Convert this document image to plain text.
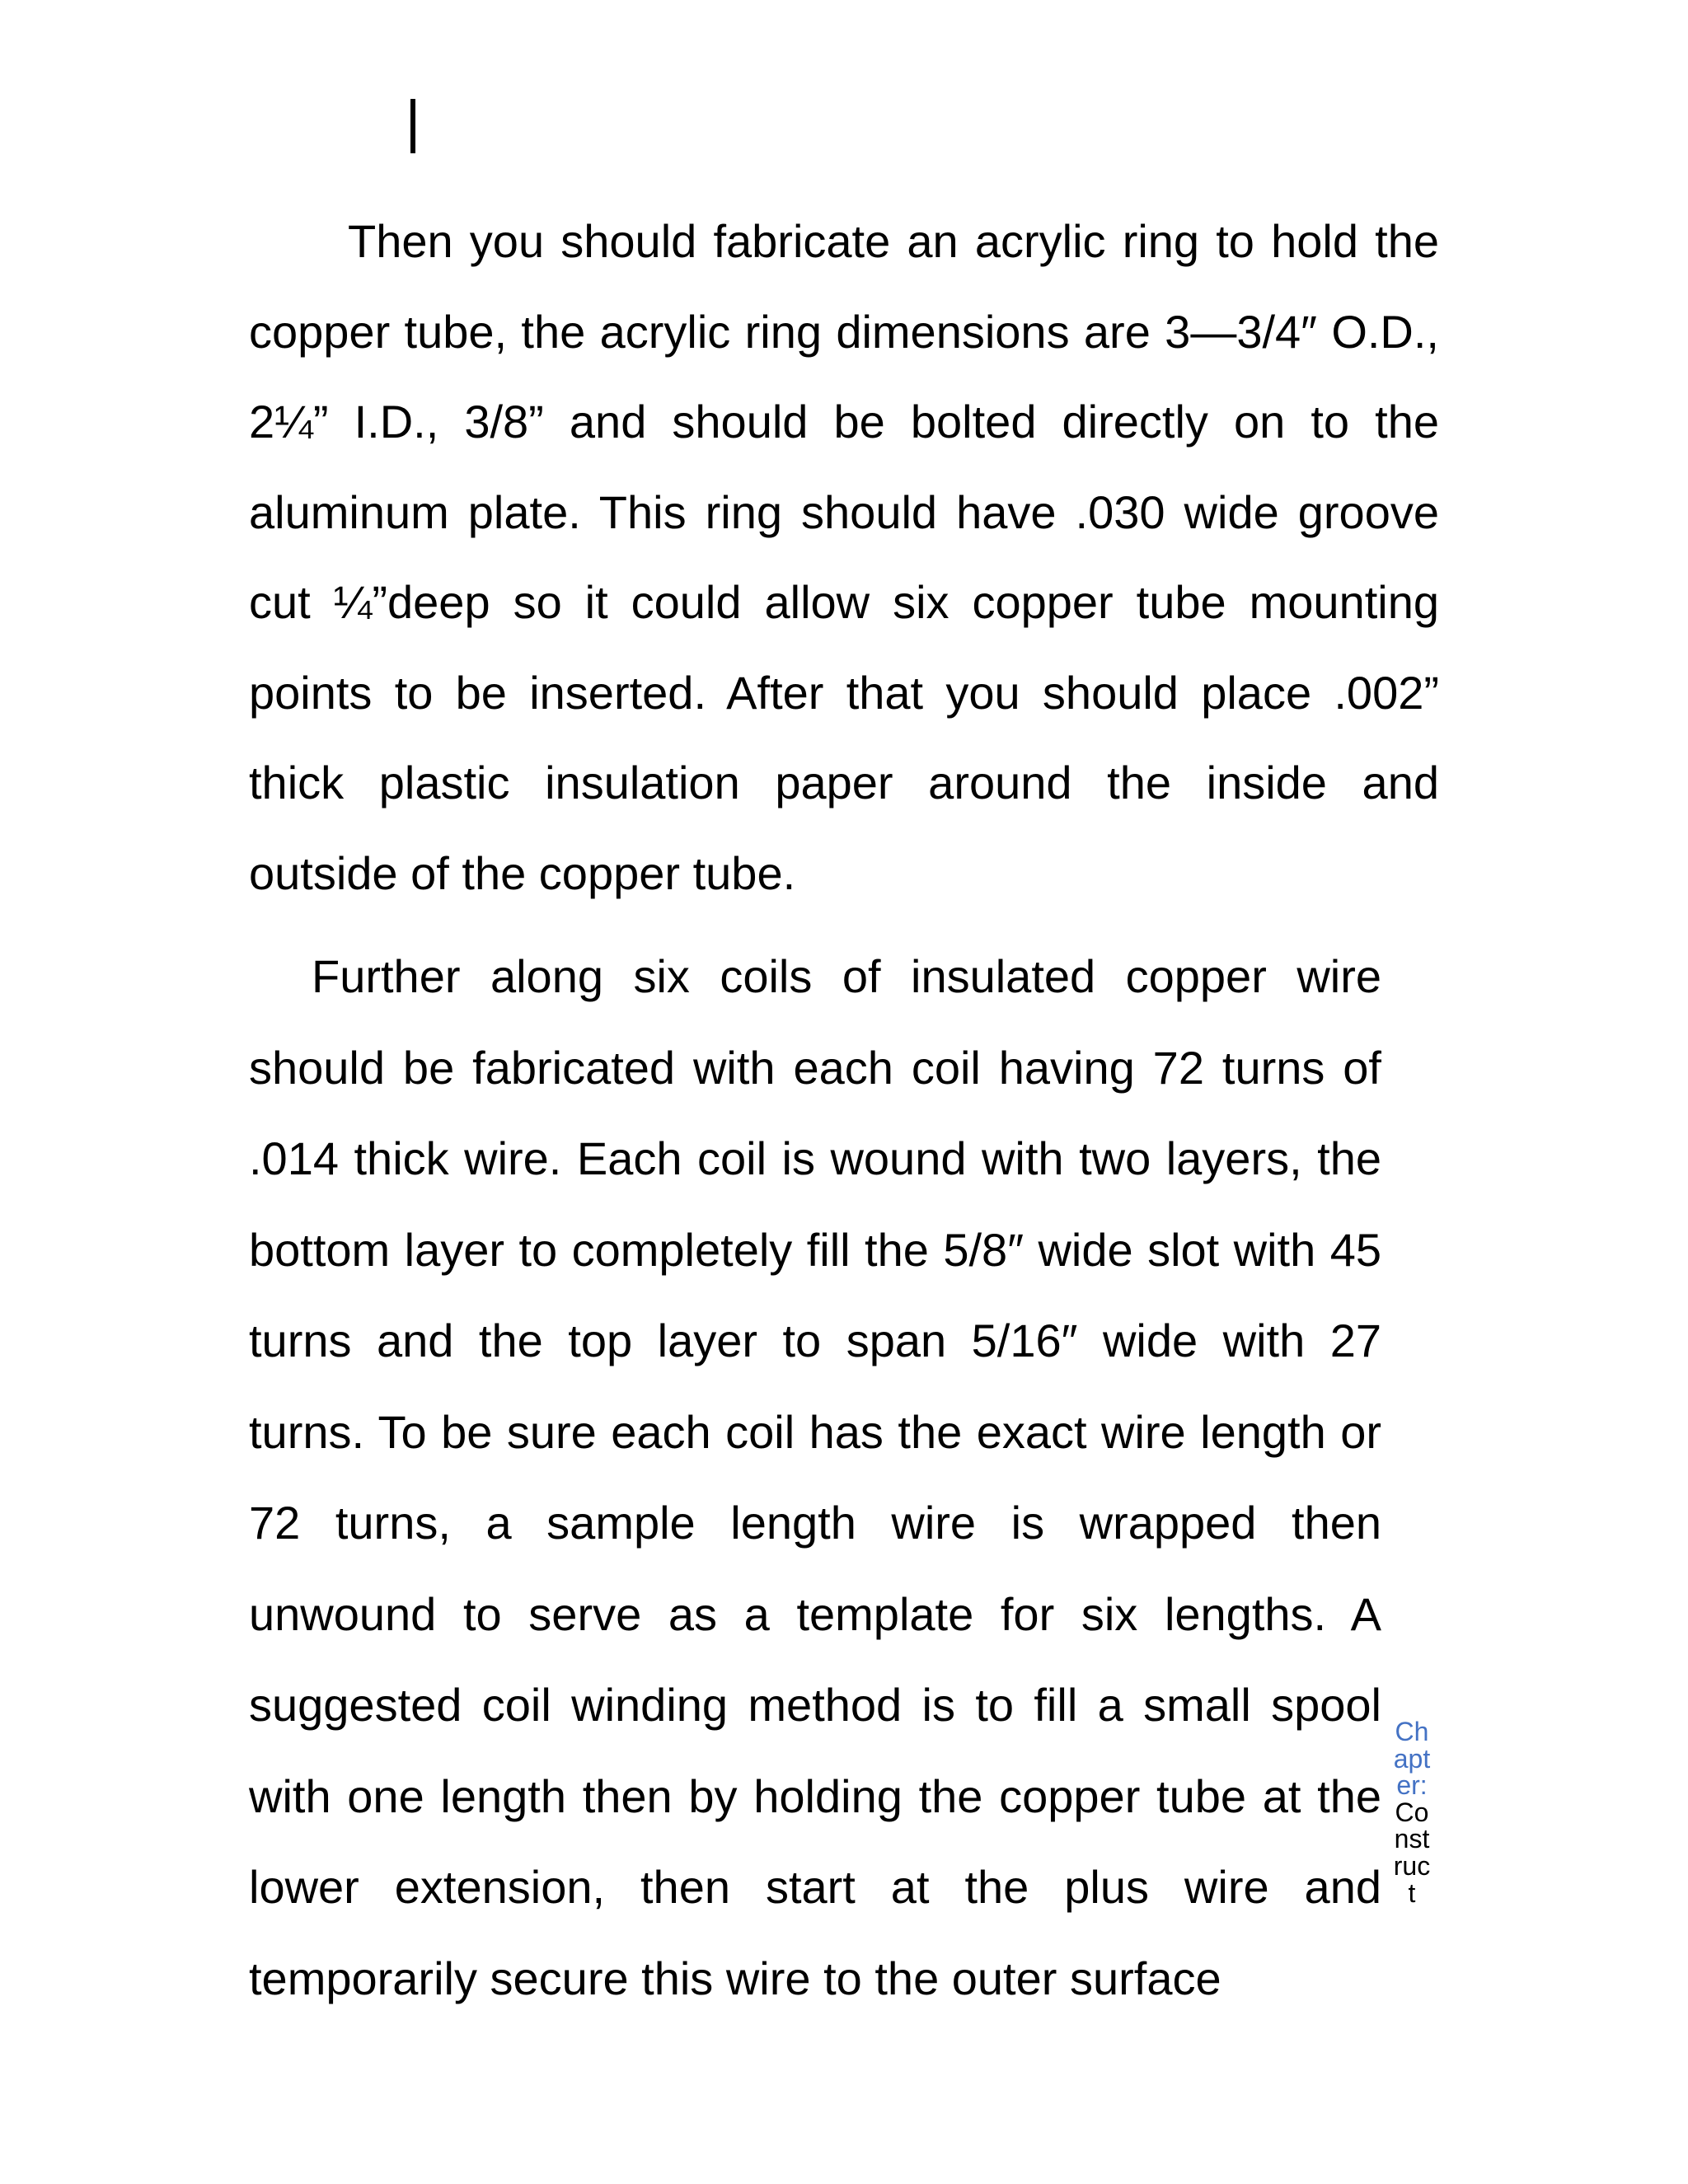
Then you should fabricate an acrylic ring to hold the copper tube, the acrylic ring dimensions are 3—3/4″ O.D., 2¼” I.D., 3/8” and should be bolted directly on to the aluminum plate. This ring should have .030 wide groove cut ¼”deep so it could allow six copper tube mounting points to be inserted. After that you should place .002” thick plastic insulation paper around the inside and outside of the copper tube.

Further along six coils of insulated copper wire should be fabricated with each coil having 72 turns of .014 thick wire. Each coil is wound with two layers, the bottom layer to completely fill the 5/8″ wide slot with 45 turns and the top layer to span 5/16″ wide with 27 turns. To be sure each coil has the exact wire length or 72 turns, a sample length wire is wrapped then unwound to serve as a template for six lengths. A suggested coil winding method is to fill a small spool with one length then by holding the copper tube at the lower extension, then start at the plus wire and temporarily secure this wire to the outer surface

Chapter:Construct
